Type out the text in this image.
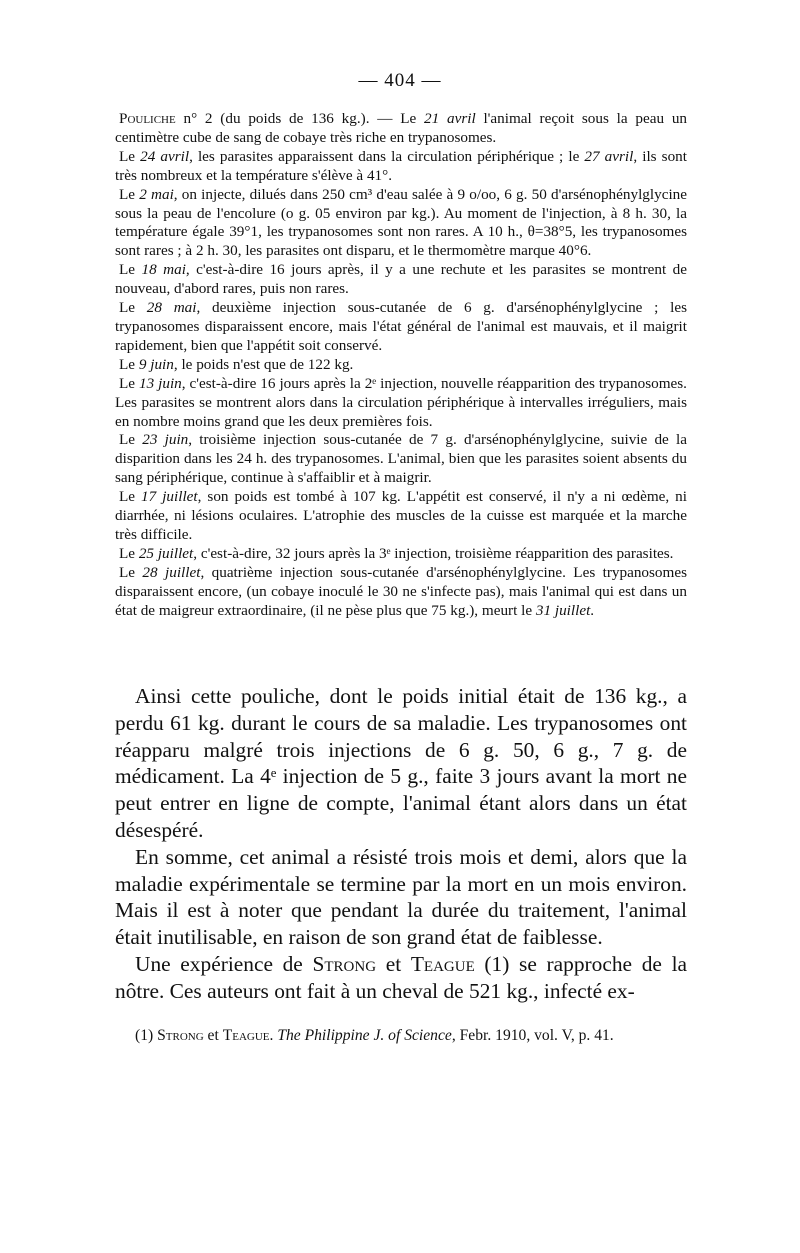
— 404 —

Pouliche n° 2 (du poids de 136 kg.). — Le 21 avril l'animal reçoit sous la peau un centimètre cube de sang de cobaye très riche en trypanosomes.

Le 24 avril, les parasites apparaissent dans la circulation périphérique ; le 27 avril, ils sont très nombreux et la température s'élève à 41°.

Le 2 mai, on injecte, dilués dans 250 cm³ d'eau salée à 9 o/oo, 6 g. 50 d'arsénophénylglycine sous la peau de l'encolure (o g. 05 environ par kg.). Au moment de l'injection, à 8 h. 30, la température égale 39°1, les trypanosomes sont non rares. A 10 h., θ=38°5, les trypanosomes sont rares ; à 2 h. 30, les parasites ont disparu, et le thermomètre marque 40°6.

Le 18 mai, c'est-à-dire 16 jours après, il y a une rechute et les parasites se montrent de nouveau, d'abord rares, puis non rares.

Le 28 mai, deuxième injection sous-cutanée de 6 g. d'arsénophénylglycine ; les trypanosomes disparaissent encore, mais l'état général de l'animal est mauvais, et il maigrit rapidement, bien que l'appétit soit conservé.

Le 9 juin, le poids n'est que de 122 kg.

Le 13 juin, c'est-à-dire 16 jours après la 2ᵉ injection, nouvelle réapparition des trypanosomes. Les parasites se montrent alors dans la circulation périphérique à intervalles irréguliers, mais en nombre moins grand que les deux premières fois.

Le 23 juin, troisième injection sous-cutanée de 7 g. d'arsénophénylglycine, suivie de la disparition dans les 24 h. des trypanosomes. L'animal, bien que les parasites soient absents du sang périphérique, continue à s'affaiblir et à maigrir.

Le 17 juillet, son poids est tombé à 107 kg. L'appétit est conservé, il n'y a ni œdème, ni diarrhée, ni lésions oculaires. L'atrophie des muscles de la cuisse est marquée et la marche très difficile.

Le 25 juillet, c'est-à-dire, 32 jours après la 3ᵉ injection, troisième réapparition des parasites.

Le 28 juillet, quatrième injection sous-cutanée d'arsénophénylglycine. Les trypanosomes disparaissent encore, (un cobaye inoculé le 30 ne s'infecte pas), mais l'animal qui est dans un état de maigreur extraordinaire, (il ne pèse plus que 75 kg.), meurt le 31 juillet.

Ainsi cette pouliche, dont le poids initial était de 136 kg., a perdu 61 kg. durant le cours de sa maladie. Les trypanosomes ont réapparu malgré trois injections de 6 g. 50, 6 g., 7 g. de médicament. La 4ᵉ injection de 5 g., faite 3 jours avant la mort ne peut entrer en ligne de compte, l'animal étant alors dans un état désespéré.

En somme, cet animal a résisté trois mois et demi, alors que la maladie expérimentale se termine par la mort en un mois environ. Mais il est à noter que pendant la durée du traitement, l'animal était inutilisable, en raison de son grand état de faiblesse.

Une expérience de Strong et Teague (1) se rapproche de la nôtre. Ces auteurs ont fait à un cheval de 521 kg., infecté ex-

(1) Strong et Teague. The Philippine J. of Science, Febr. 1910, vol. V, p. 41.
